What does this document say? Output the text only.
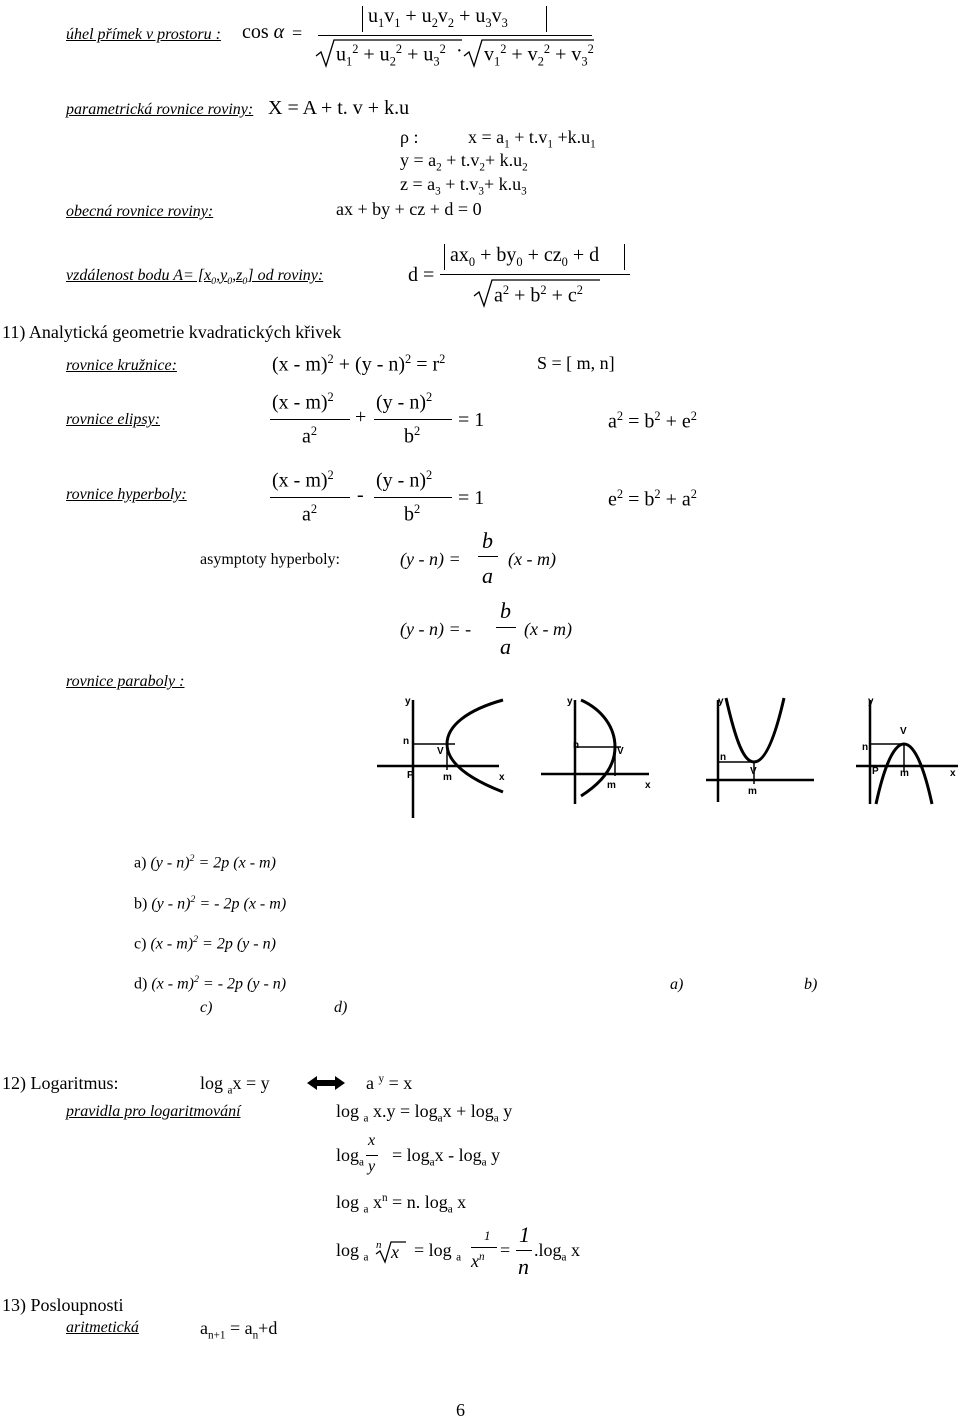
úhel přímek v prostoru : cos α =
$u_1v_1 + u_2v_2 + u_3v_3$
$u_1^2 + u_2^2 + u_3^2 \cdot v_1^2 + v_2^2 + v_3^2$
parametrická rovnice roviny: X = A + t. v + k.u
ρ :	$x = a_1 + t.v_1 +k.u_1$
$y = a_2 + t.v_2+ k.u_2$
$z = a_3 + t.v_3+ k.u_3$
obecná rovnice roviny:	ax + by + cz + d = 0
vzdálenost bodu $A= [x_0,y_0,z_0]$ od roviny:	d =
$ax_0 + by_0 + cz_0 + d$
$a^2 + b^2 + c^2$
11) Analytická geometrie kvadratických křivek
rovnice kružnice:	$(x - m)^2 + (y - n)^2 = r^2$	S = [ m, n]
rovnice elipsy:
(x - m)$^2$
$a^2$
+
(y - n)$^2$
$b^2 = 1$	$a^2 = b^2 + e^2$
rovnice hyperboly:
(x - m)$^2$
$a^2$
-
(y - n)$^2$
$b^2 = 1$	$e^2 = b^2 + a^2$
asymptoty hyperboly:	(y - n) =
b
a
(x - m)
(y - n) = -
b
a
(x - m)
rovnice paraboly :
y
n
V
P	m	x
y
n
V
m	x
y
n
V
m
y
n
V
P m	x
a) (y - n)$^2$ = 2p (x - m)
b) (y - n)$^2$ = - 2p (x - m)
c) (x - m)$^2$ = 2p (y - n)
d) (x - m)$^2$ = - 2p (y - n)	a)	b)
c)	d)
12) Logaritmus:	log $_a$x = y	a $^y$ = x
pravidla pro logaritmování	log $_a$ $x.y = \log_ax + \log_a y$
$\log_a$
x
y
= $\log_ax - \log_a y$
log $_a$ $x^n = n$. $\log_a x$
log $_a$
n x = log $_a$
1
$x^n$ =
1
n
$.\log_a$ x
13) Posloupnosti
aritmetická	$a_{n+1} = a_n+d$
6
